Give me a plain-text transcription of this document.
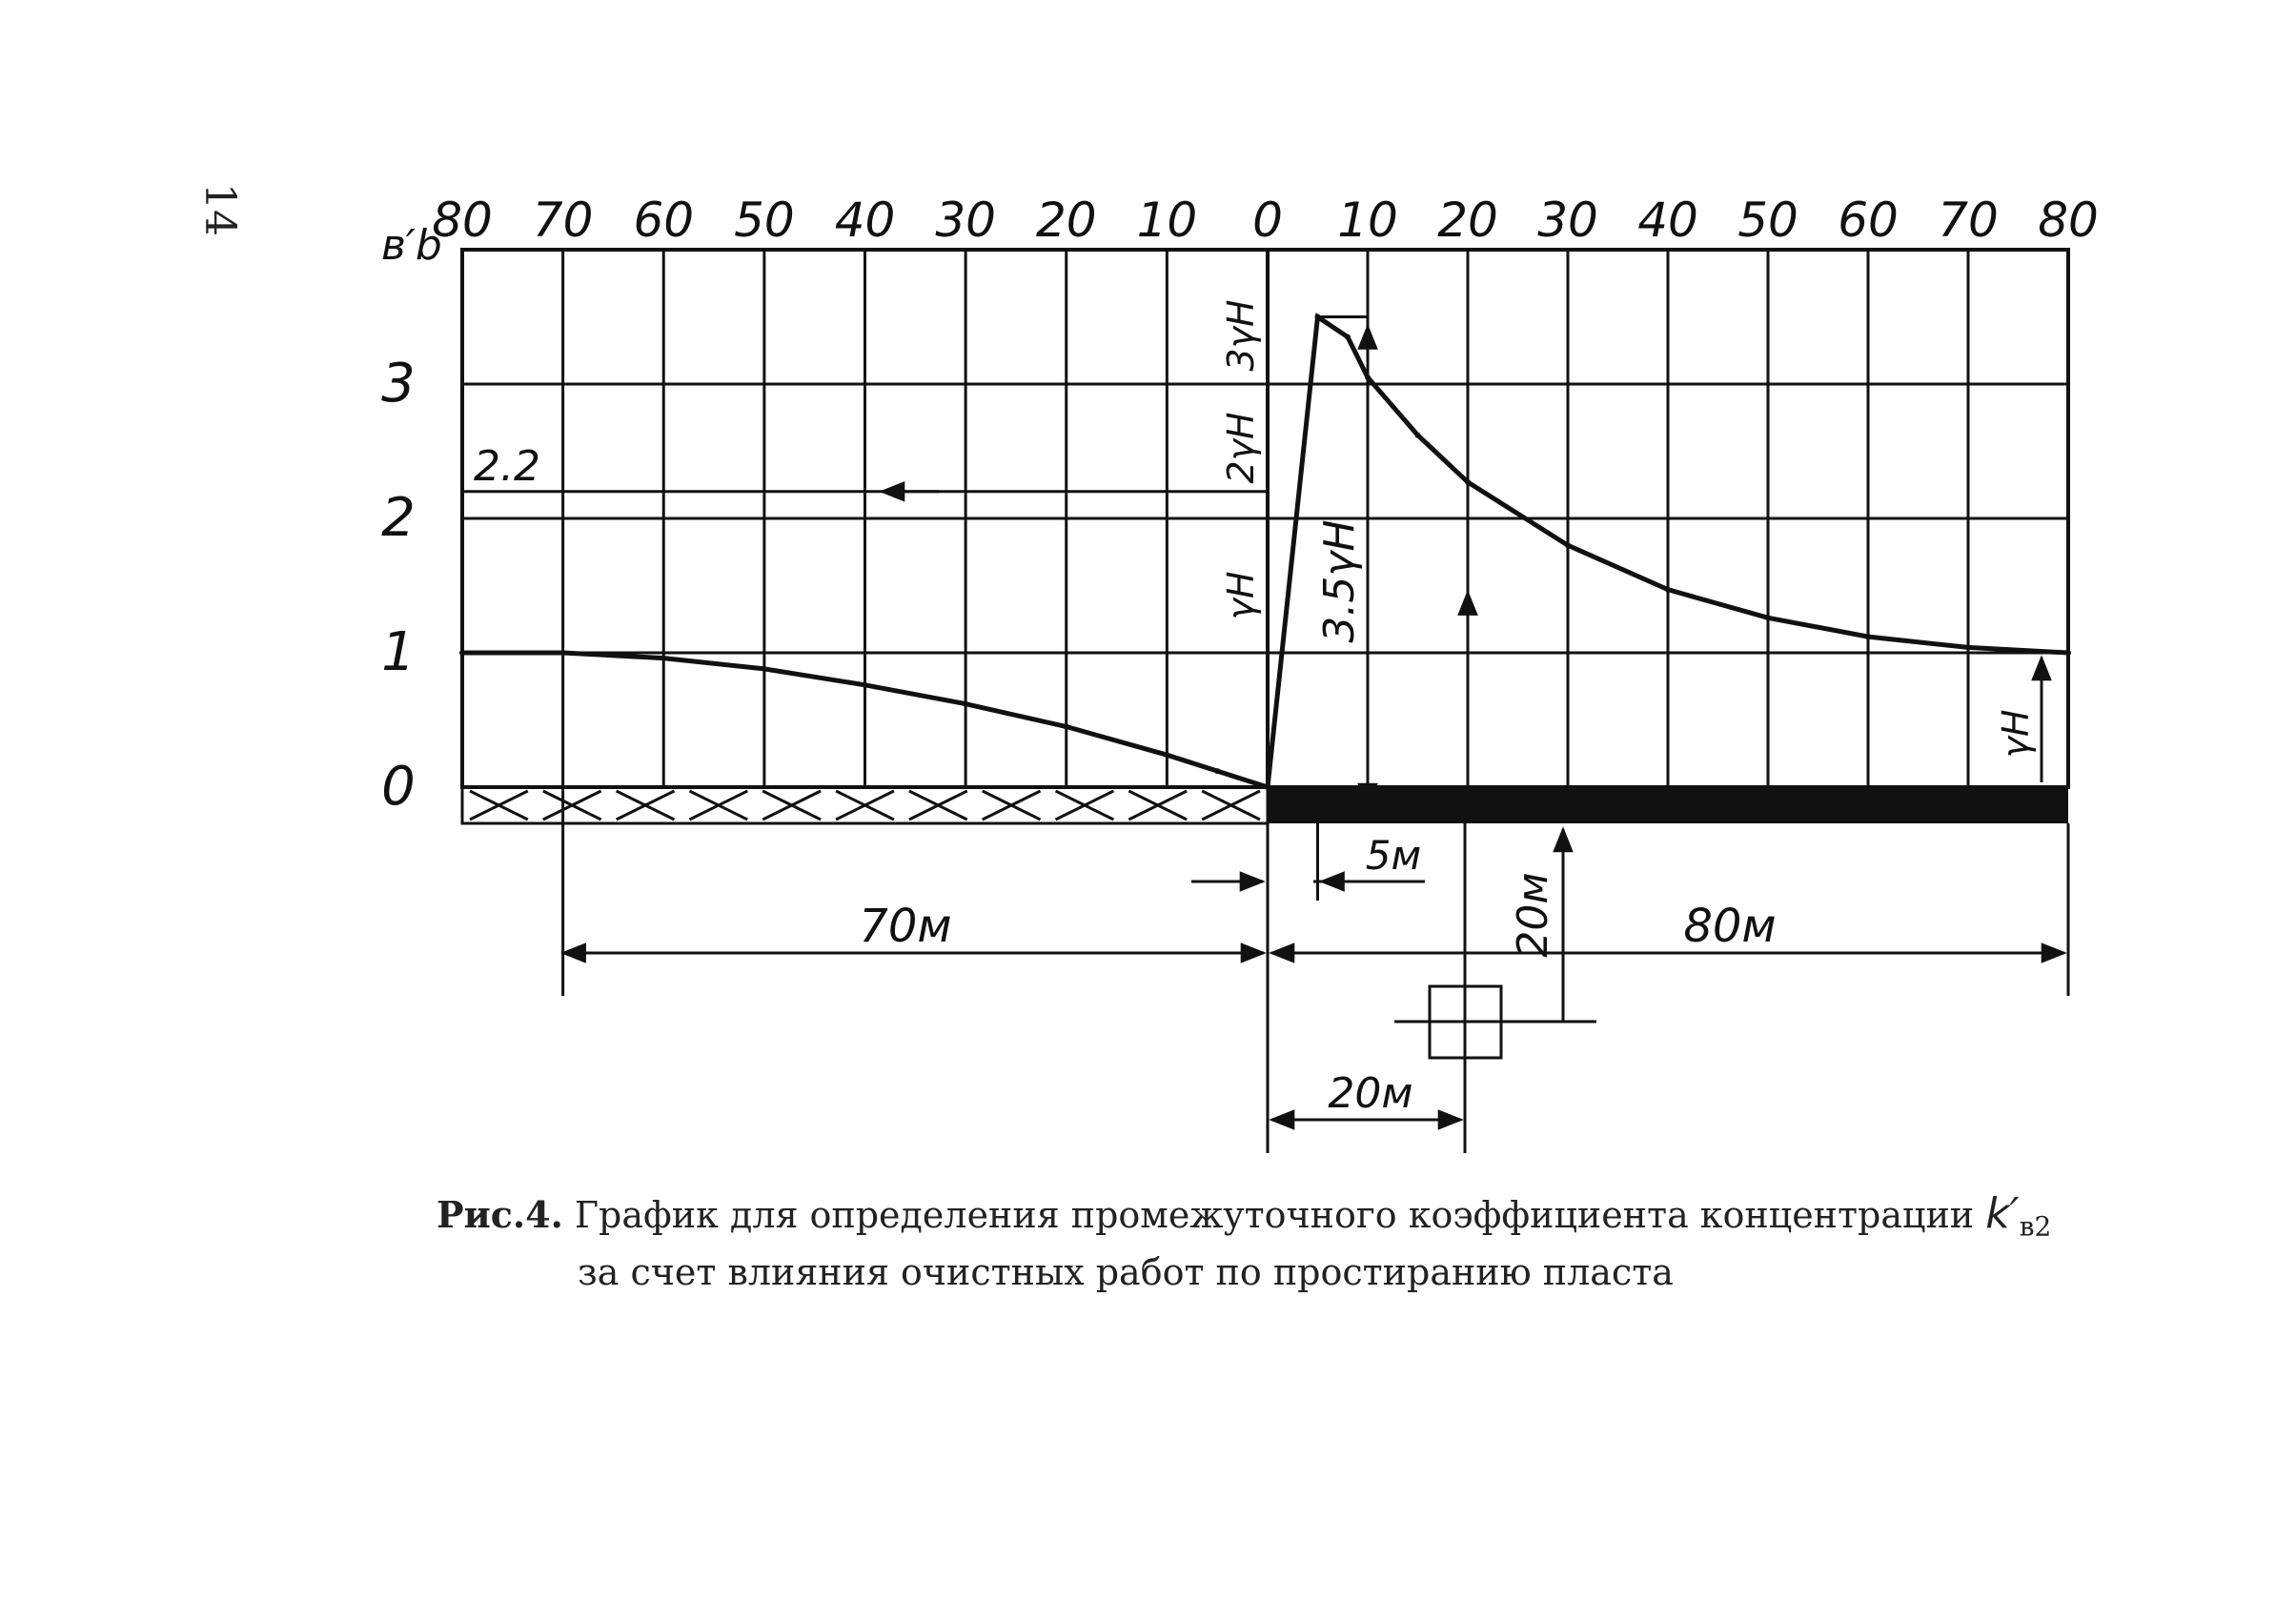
80 70 60 50 40 30 20 10 0 10 20 30 40 50 60 70 80
0
1
2
3
в′b
2.2
3γН
2γН
γН 3.5γН
γН
20м
5м
70м	80м
20м
14
Рис.4. График для определения промежуточного коэффициента концентрации $k'_{в2}$
за счет влияния очистных работ по простиранию пласта
